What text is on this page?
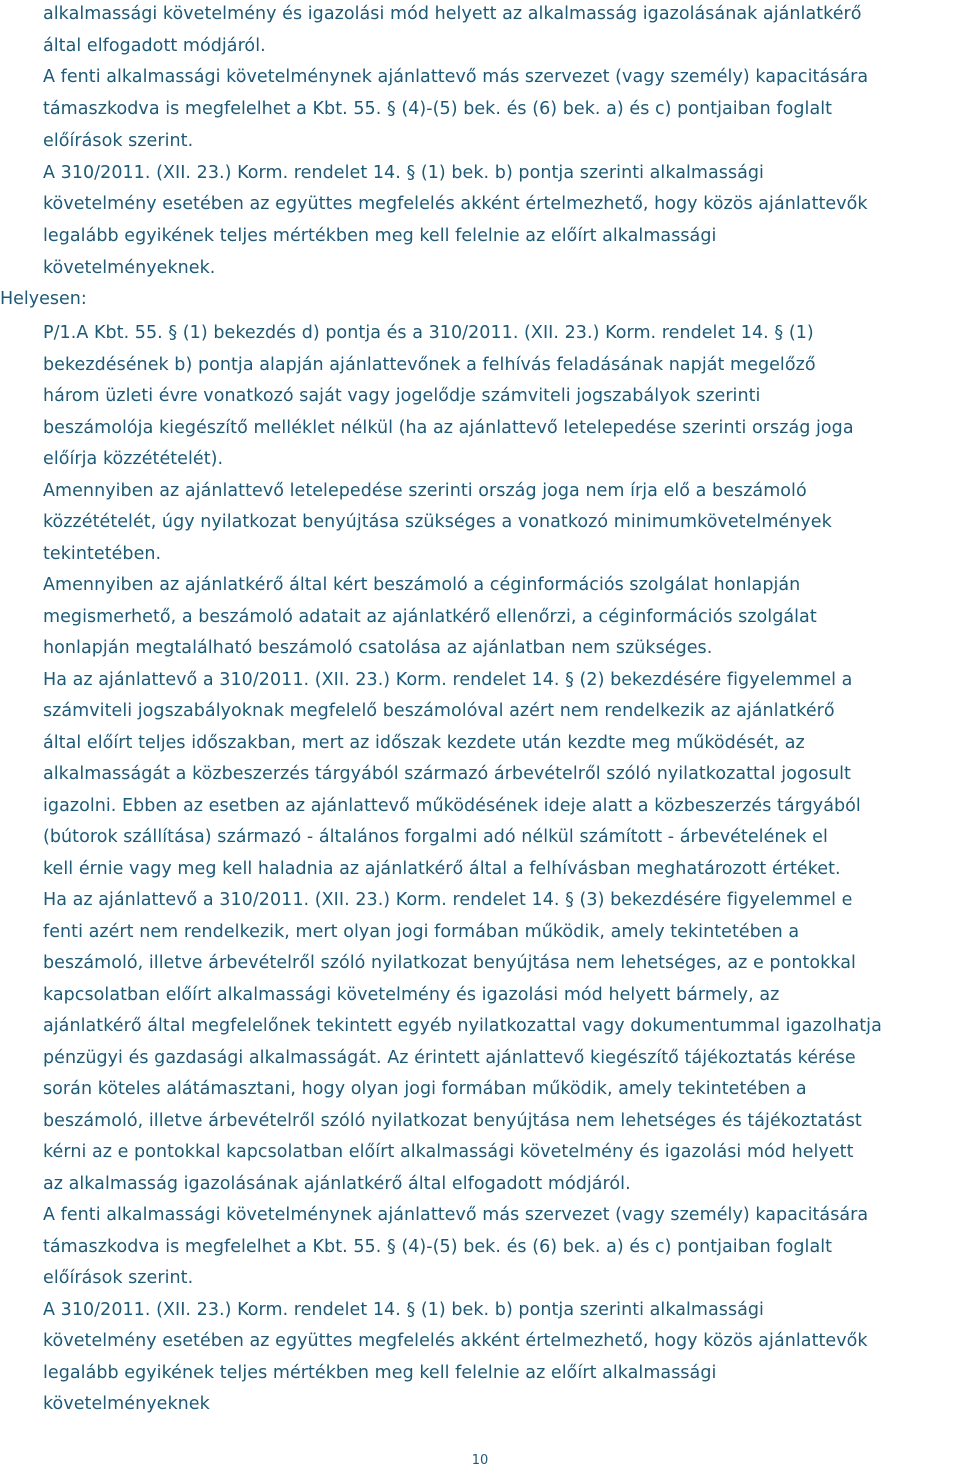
alkalmassági követelmény és igazolási mód helyett az alkalmasság igazolásának ajánlatkérő
által elfogadott módjáról.
A fenti alkalmassági követelménynek ajánlattevő más szervezet (vagy személy) kapacitására
támaszkodva is megfelelhet a Kbt. 55. § (4)-(5) bek. és (6) bek. a) és c) pontjaiban foglalt
előírások szerint.
A 310/2011. (XII. 23.) Korm. rendelet 14. § (1) bek. b) pontja szerinti alkalmassági
követelmény esetében az együttes megfelelés akként értelmezhető, hogy közös ajánlattevők
legalább egyikének teljes mértékben meg kell felelnie az előírt alkalmassági
követelményeknek.
Helyesen:
P/1.A Kbt. 55. § (1) bekezdés d) pontja és a 310/2011. (XII. 23.) Korm. rendelet 14. § (1)
bekezdésének b) pontja alapján ajánlattevőnek a felhívás feladásának napját megelőző
három üzleti évre vonatkozó saját vagy jogelődje számviteli jogszabályok szerinti
beszámolója kiegészítő melléklet nélkül (ha az ajánlattevő letelepedése szerinti ország joga
előírja közzétételét).
Amennyiben az ajánlattevő letelepedése szerinti ország joga nem írja elő a beszámoló
közzétételét, úgy nyilatkozat benyújtása szükséges a vonatkozó minimumkövetelmények
tekintetében.
Amennyiben az ajánlatkérő által kért beszámoló a céginformációs szolgálat honlapján
megismerhető, a beszámoló adatait az ajánlatkérő ellenőrzi, a céginformációs szolgálat
honlapján megtalálható beszámoló csatolása az ajánlatban nem szükséges.
Ha az ajánlattevő a 310/2011. (XII. 23.) Korm. rendelet 14. § (2) bekezdésére figyelemmel a
számviteli jogszabályoknak megfelelő beszámolóval azért nem rendelkezik az ajánlatkérő
által előírt teljes időszakban, mert az időszak kezdete után kezdte meg működését, az
alkalmasságát a közbeszerzés tárgyából származó árbevételről szóló nyilatkozattal jogosult
igazolni. Ebben az esetben az ajánlattevő működésének ideje alatt a közbeszerzés tárgyából
(bútorok szállítása) származó - általános forgalmi adó nélkül számított - árbevételének el
kell érnie vagy meg kell haladnia az ajánlatkérő által a felhívásban meghatározott értéket.
Ha az ajánlattevő a 310/2011. (XII. 23.) Korm. rendelet 14. § (3) bekezdésére figyelemmel e
fenti azért nem rendelkezik, mert olyan jogi formában működik, amely tekintetében a
beszámoló, illetve árbevételről szóló nyilatkozat benyújtása nem lehetséges, az e pontokkal
kapcsolatban előírt alkalmassági követelmény és igazolási mód helyett bármely, az
ajánlatkérő által megfelelőnek tekintett egyéb nyilatkozattal vagy dokumentummal igazolhatja
pénzügyi és gazdasági alkalmasságát. Az érintett ajánlattevő kiegészítő tájékoztatás kérése
során köteles alátámasztani, hogy olyan jogi formában működik, amely tekintetében a
beszámoló, illetve árbevételről szóló nyilatkozat benyújtása nem lehetséges és tájékoztatást
kérni az e pontokkal kapcsolatban előírt alkalmassági követelmény és igazolási mód helyett
az alkalmasság igazolásának ajánlatkérő által elfogadott módjáról.
A fenti alkalmassági követelménynek ajánlattevő más szervezet (vagy személy) kapacitására
támaszkodva is megfelelhet a Kbt. 55. § (4)-(5) bek. és (6) bek. a) és c) pontjaiban foglalt
előírások szerint.
A 310/2011. (XII. 23.) Korm. rendelet 14. § (1) bek. b) pontja szerinti alkalmassági
követelmény esetében az együttes megfelelés akként értelmezhető, hogy közös ajánlattevők
legalább egyikének teljes mértékben meg kell felelnie az előírt alkalmassági
követelményeknek
10
